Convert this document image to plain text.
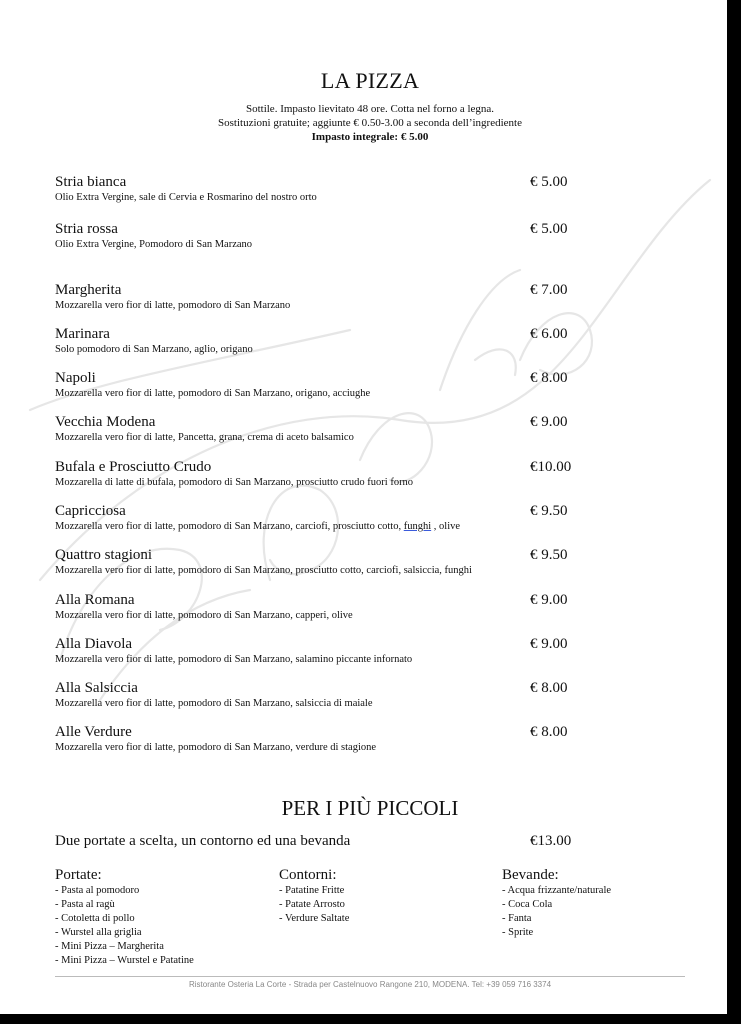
LA PIZZA
Sottile. Impasto lievitato 48 ore. Cotta nel forno a legna.
Sostituzioni gratuite; aggiunte € 0.50-3.00 a seconda dell’ingrediente
Impasto integrale: € 5.00
Stria bianca
Olio Extra Vergine, sale di Cervia e Rosmarino del nostro orto
€ 5.00
Stria rossa
Olio Extra Vergine, Pomodoro di San Marzano
€ 5.00
Margherita
Mozzarella vero fior di latte, pomodoro di San Marzano
€ 7.00
Marinara
Solo pomodoro di San Marzano, aglio, origano
€ 6.00
Napoli
Mozzarella vero fior di latte, pomodoro di San Marzano, origano, acciughe
€ 8.00
Vecchia Modena
Mozzarella vero fior di latte, Pancetta, grana, crema di aceto balsamico
€ 9.00
Bufala e Prosciutto Crudo
Mozzarella di latte di bufala, pomodoro di San Marzano, prosciutto crudo fuori forno
€10.00
Capricciosa
Mozzarella vero fior di latte, pomodoro di San Marzano, carciofi, prosciutto cotto, funghi , olive
€ 9.50
Quattro stagioni
Mozzarella vero fior di latte, pomodoro di San Marzano, prosciutto cotto, carciofi, salsiccia, funghi
€ 9.50
Alla Romana
Mozzarella vero fior di latte, pomodoro di San Marzano, capperi, olive
€ 9.00
Alla Diavola
Mozzarella vero fior di latte, pomodoro di San Marzano, salamino piccante infornato
€ 9.00
Alla Salsiccia
Mozzarella vero fior di latte, pomodoro di San Marzano, salsiccia di maiale
€ 8.00
Alle Verdure
Mozzarella vero fior di latte, pomodoro di San Marzano, verdure di stagione
€ 8.00
PER I PIÙ PICCOLI
Due portate a scelta, un contorno ed una bevanda	€13.00
Portate:
- Pasta al pomodoro
- Pasta al ragù
- Cotoletta di pollo
- Wurstel alla griglia
- Mini Pizza – Margherita
- Mini Pizza – Wurstel e Patatine
Contorni:
- Patatine Fritte
- Patate Arrosto
- Verdure Saltate
Bevande:
- Acqua frizzante/naturale
- Coca Cola
- Fanta
- Sprite
Ristorante Osteria La Corte - Strada per Castelnuovo Rangone 210, MODENA. Tel: +39 059 716 3374
